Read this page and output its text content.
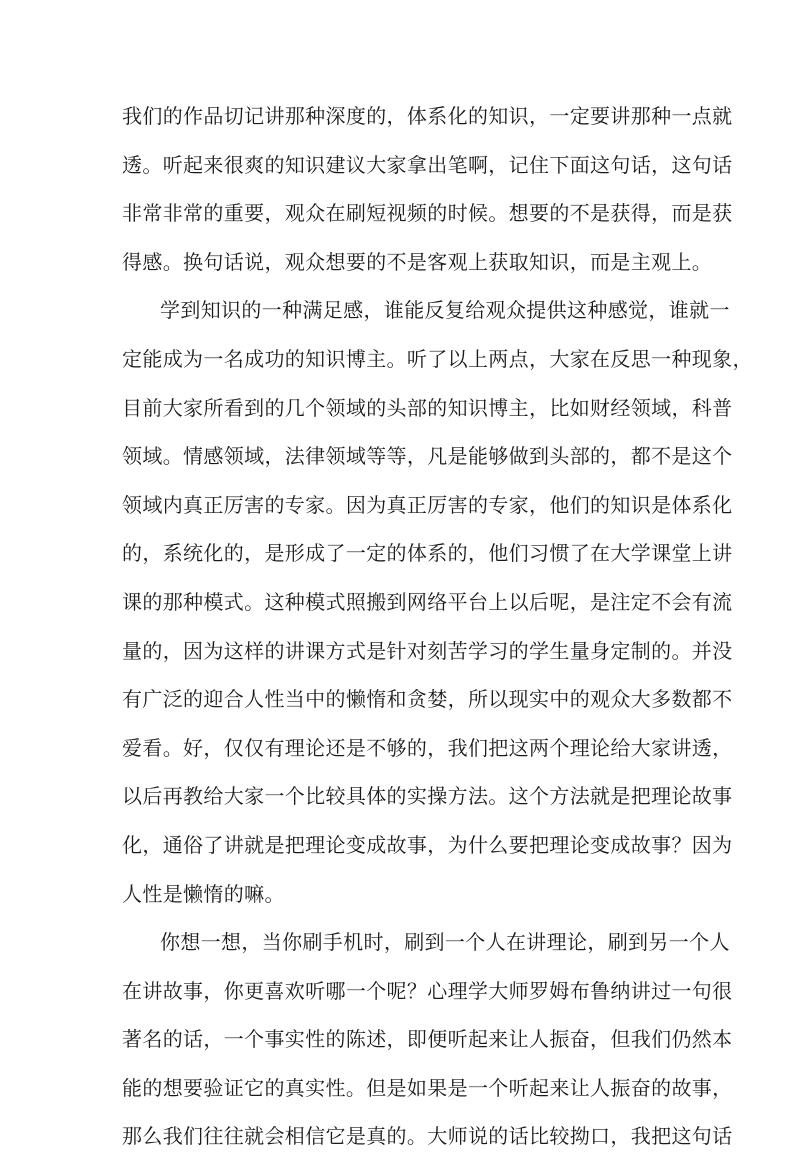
我们的作品切记讲那种深度的，体系化的知识，一定要讲那种一点就
透。听起来很爽的知识建议大家拿出笔啊，记住下面这句话，这句话
非常非常的重要，观众在刷短视频的时候。想要的不是获得，而是获
得感。换句话说，观众想要的不是客观上获取知识，而是主观上。
学到知识的一种满足感，谁能反复给观众提供这种感觉，谁就一
定能成为一名成功的知识博主。听了以上两点，大家在反思一种现象，
目前大家所看到的几个领域的头部的知识博主，比如财经领域，科普
领域。情感领域，法律领域等等，凡是能够做到头部的，都不是这个
领域内真正厉害的专家。因为真正厉害的专家，他们的知识是体系化
的，系统化的，是形成了一定的体系的，他们习惯了在大学课堂上讲
课的那种模式。这种模式照搬到网络平台上以后呢，是注定不会有流
量的，因为这样的讲课方式是针对刻苦学习的学生量身定制的。并没
有广泛的迎合人性当中的懒惰和贪婪，所以现实中的观众大多数都不
爱看。好，仅仅有理论还是不够的，我们把这两个理论给大家讲透，
以后再教给大家一个比较具体的实操方法。这个方法就是把理论故事
化，通俗了讲就是把理论变成故事，为什么要把理论变成故事？因为
人性是懒惰的嘛。
你想一想，当你刷手机时，刷到一个人在讲理论，刷到另一个人
在讲故事，你更喜欢听哪一个呢？心理学大师罗姆布鲁纳讲过一句很
著名的话，一个事实性的陈述，即便听起来让人振奋，但我们仍然本
能的想要验证它的真实性。但是如果是一个听起来让人振奋的故事，
那么我们往往就会相信它是真的。大师说的话比较拗口，我把这句话
